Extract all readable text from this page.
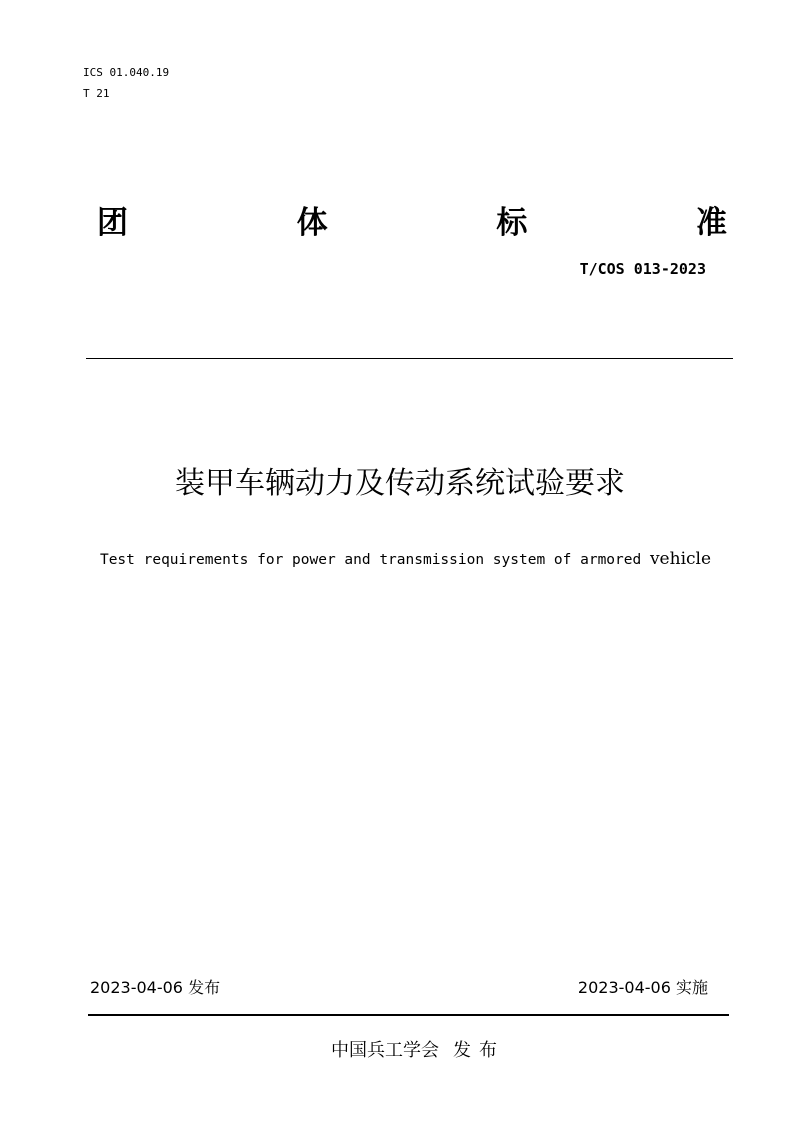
ICS 01.040.19
T 21
团	体	标	准
T/COS 013-2023
装甲车辆动力及传动系统试验要求
Test requirements for power and transmission system of armored vehicle
2023-04-06 发布	2023-04-06 实施
中国兵工学会 发 布
